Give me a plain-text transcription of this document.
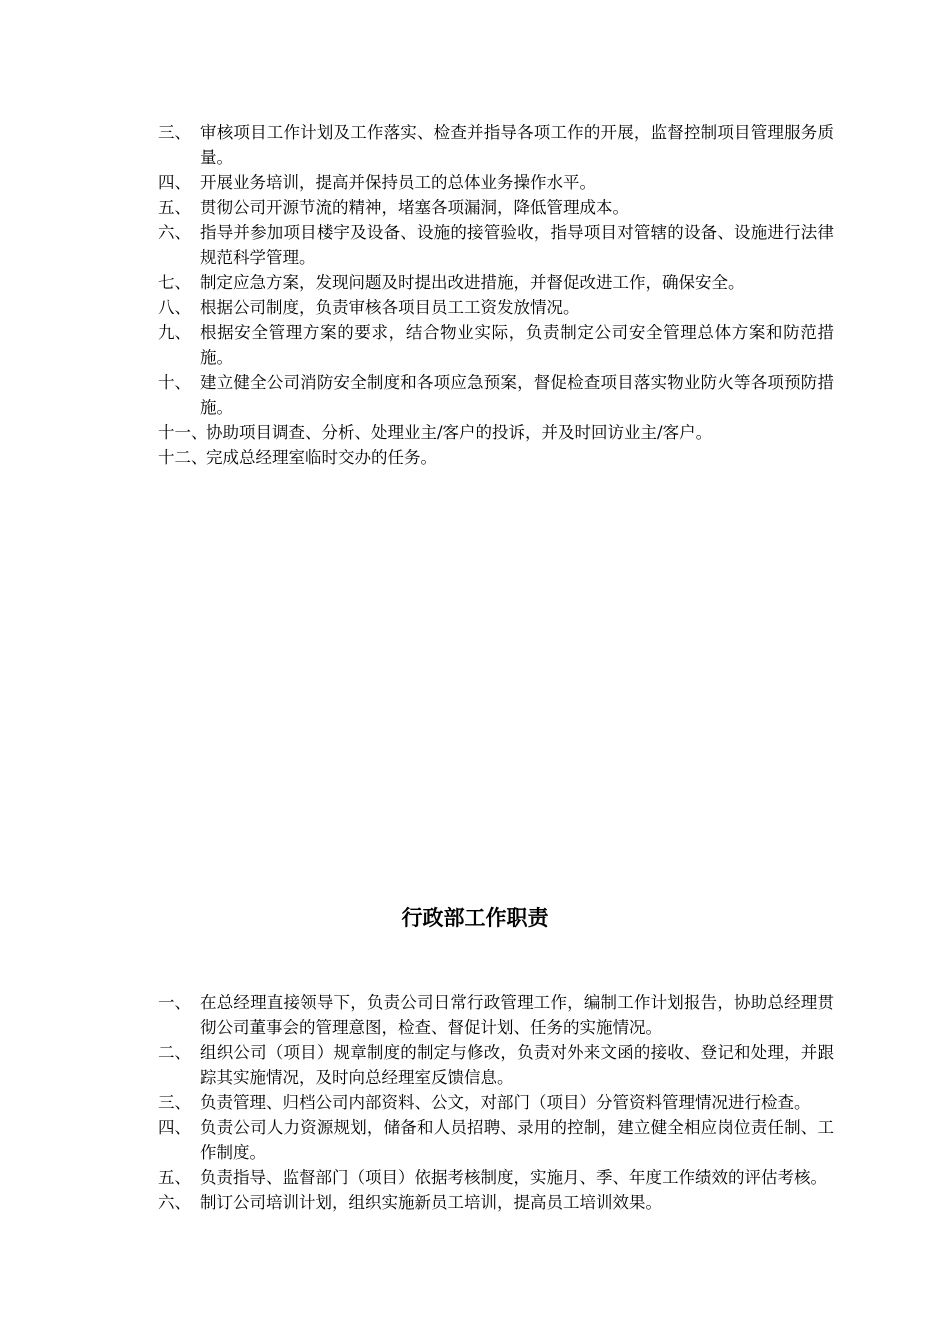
三、 审核项目工作计划及工作落实、检查并指导各项工作的开展，监督控制项目管理服务质量。
四、 开展业务培训，提高并保持员工的总体业务操作水平。
五、 贯彻公司开源节流的精神，堵塞各项漏洞，降低管理成本。
六、 指导并参加项目楼宇及设备、设施的接管验收，指导项目对管辖的设备、设施进行法律规范科学管理。
七、 制定应急方案，发现问题及时提出改进措施，并督促改进工作，确保安全。
八、 根据公司制度，负责审核各项目员工工资发放情况。
九、 根据安全管理方案的要求，结合物业实际，负责制定公司安全管理总体方案和防范措施。
十、 建立健全公司消防安全制度和各项应急预案，督促检查项目落实物业防火等各项预防措施。
十一、
协助项目调查、分析、处理业主/客户的投诉，并及时回访业主/客户。
十二、
完成总经理室临时交办的任务。
行政部工作职责
一、 在总经理直接领导下，负责公司日常行政管理工作，编制工作计划报告，协助总经理贯彻公司董事会的管理意图，检查、督促计划、任务的实施情况。
二、 组织公司（项目）规章制度的制定与修改，负责对外来文函的接收、登记和处理，并跟踪其实施情况，及时向总经理室反馈信息。
三、 负责管理、归档公司内部资料、公文，对部门（项目）分管资料管理情况进行检查。
四、 负责公司人力资源规划，储备和人员招聘、录用的控制，建立健全相应岗位责任制、工作制度。
五、 负责指导、监督部门（项目）依据考核制度，实施月、季、年度工作绩效的评估考核。
六、 制订公司培训计划，组织实施新员工培训，提高员工培训效果。
